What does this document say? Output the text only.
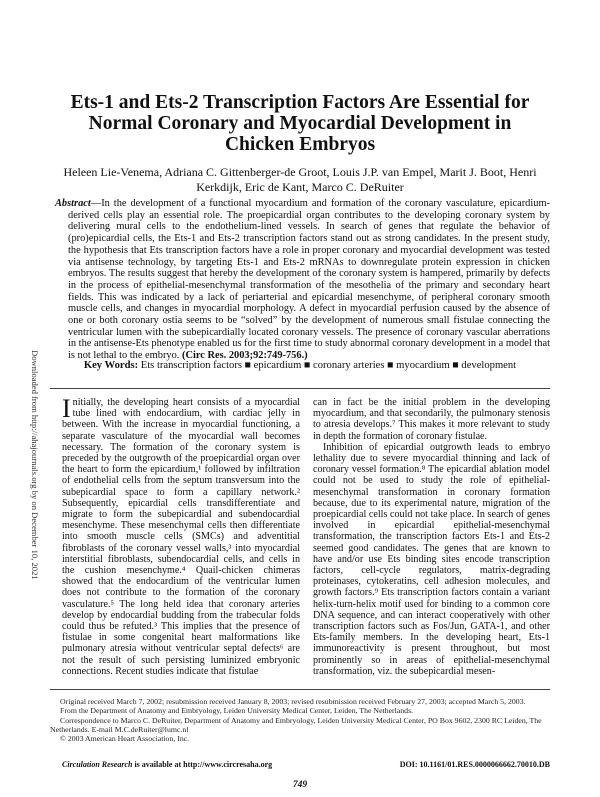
Ets-1 and Ets-2 Transcription Factors Are Essential for Normal Coronary and Myocardial Development in Chicken Embryos
Heleen Lie-Venema, Adriana C. Gittenberger-de Groot, Louis J.P. van Empel, Marit J. Boot, Henri Kerkdijk, Eric de Kant, Marco C. DeRuiter
Abstract—In the development of a functional myocardium and formation of the coronary vasculature, epicardium-derived cells play an essential role. The proepicardial organ contributes to the developing coronary system by delivering mural cells to the endothelium-lined vessels. In search of genes that regulate the behavior of (pro)epicardial cells, the Ets-1 and Ets-2 transcription factors stand out as strong candidates. In the present study, the hypothesis that Ets transcription factors have a role in proper coronary and myocardial development was tested via antisense technology, by targeting Ets-1 and Ets-2 mRNAs to downregulate protein expression in chicken embryos. The results suggest that hereby the development of the coronary system is hampered, primarily by defects in the process of epithelial-mesenchymal transformation of the mesothelia of the primary and secondary heart fields. This was indicated by a lack of periarterial and epicardial mesenchyme, of peripheral coronary smooth muscle cells, and changes in myocardial morphology. A defect in myocardial perfusion caused by the absence of one or both coronary ostia seems to be “solved” by the development of numerous small fistulae connecting the ventricular lumen with the subepicardially located coronary vessels. The presence of coronary vascular aberrations in the antisense-Ets phenotype enabled us for the first time to study abnormal coronary development in a model that is not lethal to the embryo. (Circ Res. 2003;92:749-756.)
Key Words: Ets transcription factors ■ epicardium ■ coronary arteries ■ myocardium ■ development
Downloaded from http://ahajournals.org by on December 10, 2021 Initially, the developing heart consists of a myocardial tube lined with endocardium, with cardiac jelly in between. With the increase in myocardial functioning, a separate vasculature of the myocardial wall becomes necessary. The formation of the coronary system is preceded by the outgrowth of the proepicardial organ over the heart to form the epicardium,¹ followed by infiltration of endothelial cells from the septum transversum into the subepicardial space to form a capillary network.² Subsequently, epicardial cells transdifferentiate and migrate to form the subepicardial and subendocardial mesenchyme. These mesenchymal cells then differentiate into smooth muscle cells (SMCs) and adventitial fibroblasts of the coronary vessel walls,³ into myocardial interstitial fibroblasts, subendocardial cells, and cells in the cushion mesenchyme.⁴ Quail-chicken chimeras showed that the endocardium of the ventricular lumen does not contribute to the formation of the coronary vasculature.⁵ The long held idea that coronary arteries develop by endocardial budding from the trabecular folds could thus be refuted.³ This implies that the presence of fistulae in some congenital heart malformations like pulmonary atresia without ventricular septal defects⁶ are not the result of such persisting luminized embryonic connections. Recent studies indicate that fistulae

can in fact be the initial problem in the developing myocardium, and that secondarily, the pulmonary stenosis to atresia develops.⁷ This makes it more relevant to study in depth the formation of coronary fistulae.

Inhibition of epicardial outgrowth leads to embryo lethality due to severe myocardial thinning and lack of coronary vessel formation.⁸ The epicardial ablation model could not be used to study the role of epithelial-mesenchymal transformation in coronary formation because, due to its experimental nature, migration of the proepicardial cells could not take place. In search of genes involved in epicardial epithelial-mesenchymal transformation, the transcription factors Ets-1 and Ets-2 seemed good candidates. The genes that are known to have and/or use Ets binding sites encode transcription factors, cell-cycle regulators, matrix-degrading proteinases, cytokeratins, cell adhesion molecules, and growth factors.⁹ Ets transcription factors contain a variant helix-turn-helix motif used for binding to a common core DNA sequence, and can interact cooperatively with other transcription factors such as Fos/Jun, GATA-1, and other Ets-family members. In the developing heart, Ets-1 immunoreactivity is present throughout, but most prominently so in areas of epithelial-mesenchymal transformation, viz. the subepicardial mesen-

Original received March 7, 2002; resubmission received January 8, 2003; revised resubmission received February 27, 2003; accepted March 5, 2003.

From the Department of Anatomy and Embryology, Leiden University Medical Center, Leiden, The Netherlands.

Correspondence to Marco C. DeRuiter, Department of Anatomy and Embryology, Leiden University Medical Center, PO Box 9602, 2300 RC Leiden, The Netherlands. E-mail M.C.deRuiter@lumc.nl

© 2003 American Heart Association, Inc.

Circulation Research is available at http://www.circresaha.org	DOI: 10.1161/01.RES.0000066662.70010.DB
749
